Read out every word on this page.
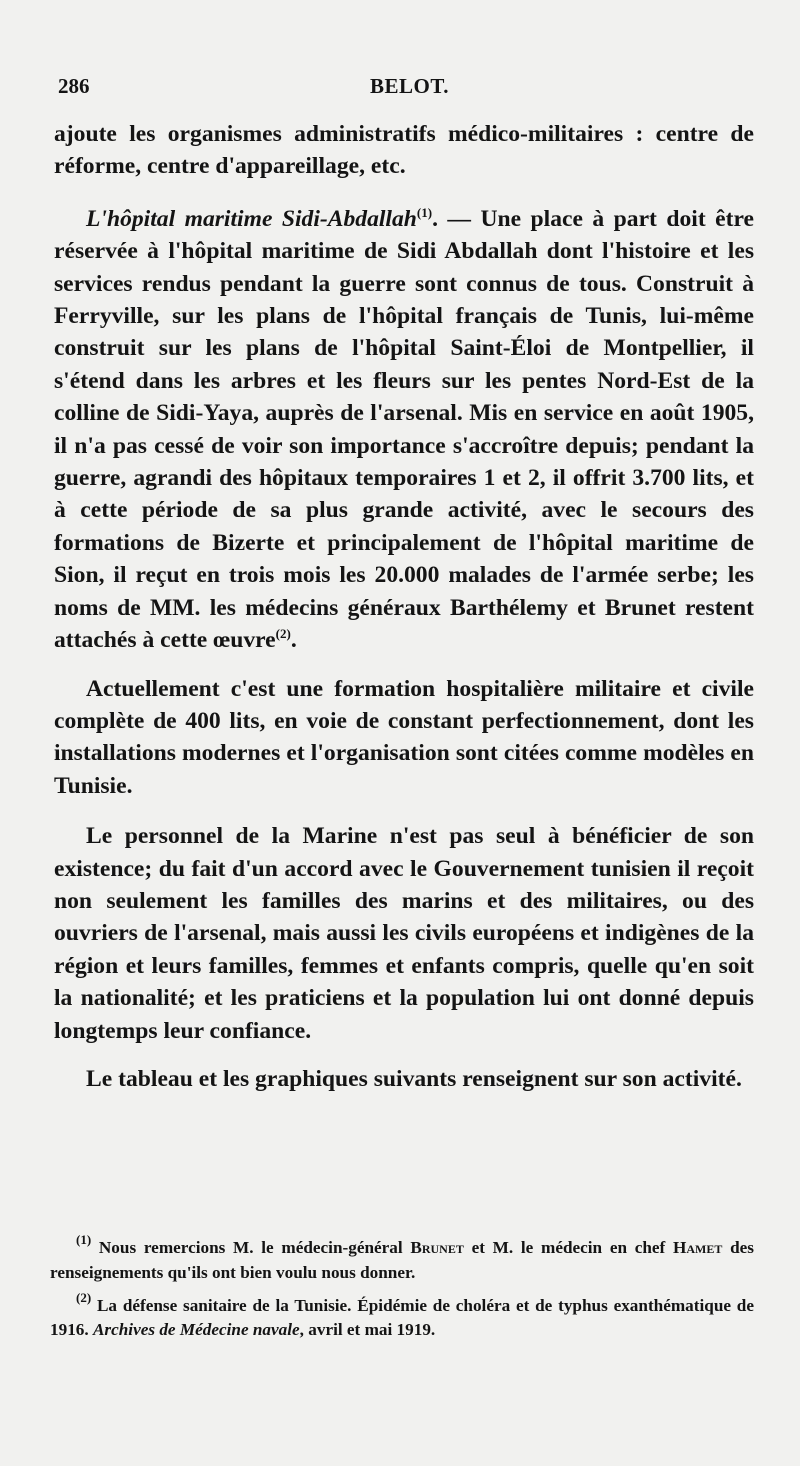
286	BELOT.

ajoute les organismes administratifs médico-militaires : centre de réforme, centre d'appareillage, etc.

L'hôpital maritime Sidi-Abdallah$^{(1)}$. — Une place à part doit être réservée à l'hôpital maritime de Sidi Abdallah dont l'histoire et les services rendus pendant la guerre sont connus de tous. Construit à Ferryville, sur les plans de l'hôpital français de Tunis, lui-même construit sur les plans de l'hôpital Saint-Éloi de Montpellier, il s'étend dans les arbres et les fleurs sur les pentes Nord-Est de la colline de Sidi-Yaya, auprès de l'arsenal. Mis en service en août 1905, il n'a pas cessé de voir son importance s'accroître depuis; pendant la guerre, agrandi des hôpitaux temporaires 1 et 2, il offrit 3.700 lits, et à cette période de sa plus grande activité, avec le secours des formations de Bizerte et principalement de l'hôpital maritime de Sion, il reçut en trois mois les 20.000 malades de l'armée serbe; les noms de MM. les médecins généraux Barthélemy et Brunet restent attachés à cette œuvre$^{(2)}$.

Actuellement c'est une formation hospitalière militaire et civile complète de 400 lits, en voie de constant perfectionnement, dont les installations modernes et l'organisation sont citées comme modèles en Tunisie.

Le personnel de la Marine n'est pas seul à bénéficier de son existence; du fait d'un accord avec le Gouvernement tunisien il reçoit non seulement les familles des marins et des militaires, ou des ouvriers de l'arsenal, mais aussi les civils européens et indigènes de la région et leurs familles, femmes et enfants compris, quelle qu'en soit la nationalité; et les praticiens et la population lui ont donné depuis longtemps leur confiance.

Le tableau et les graphiques suivants renseignent sur son activité.

$^{(1)}$ Nous remercions M. le médecin-général Brunet et M. le médecin en chef Hamet des renseignements qu'ils ont bien voulu nous donner.

$^{(2)}$ La défense sanitaire de la Tunisie. Épidémie de choléra et de typhus exanthématique de 1916. Archives de Médecine navale, avril et mai 1919.
